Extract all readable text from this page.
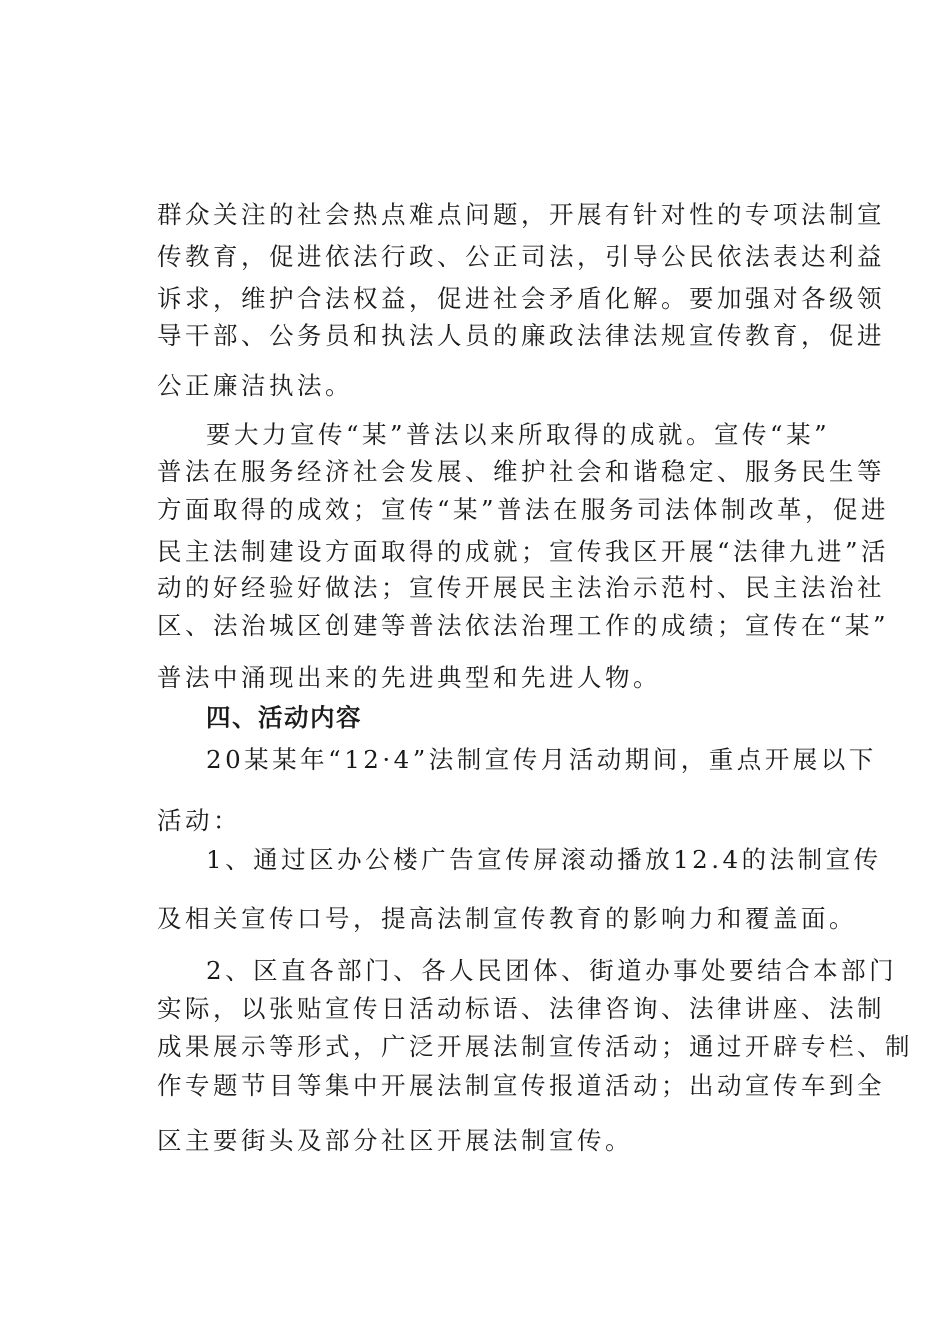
群众关注的社会热点难点问题，开展有针对性的专项法制宣
传教育，促进依法行政、公正司法，引导公民依法表达利益
诉求，维护合法权益，促进社会矛盾化解。要加强对各级领
导干部、公务员和执法人员的廉政法律法规宣传教育，促进
公正廉洁执法。
要大力宣传“某”普法以来所取得的成就。宣传“某”
普法在服务经济社会发展、维护社会和谐稳定、服务民生等
方面取得的成效；宣传“某”普法在服务司法体制改革，促进
民主法制建设方面取得的成就；宣传我区开展“法律九进”活
动的好经验好做法；宣传开展民主法治示范村、民主法治社
区、法治城区创建等普法依法治理工作的成绩；宣传在“某”
普法中涌现出来的先进典型和先进人物。
四、活动内容
20某某年“12·4”法制宣传月活动期间，重点开展以下
活动：
1、通过区办公楼广告宣传屏滚动播放12.4的法制宣传
及相关宣传口号，提高法制宣传教育的影响力和覆盖面。
2、区直各部门、各人民团体、街道办事处要结合本部门
实际，以张贴宣传日活动标语、法律咨询、法律讲座、法制
成果展示等形式，广泛开展法制宣传活动；通过开辟专栏、制
作专题节目等集中开展法制宣传报道活动；出动宣传车到全
区主要街头及部分社区开展法制宣传。
